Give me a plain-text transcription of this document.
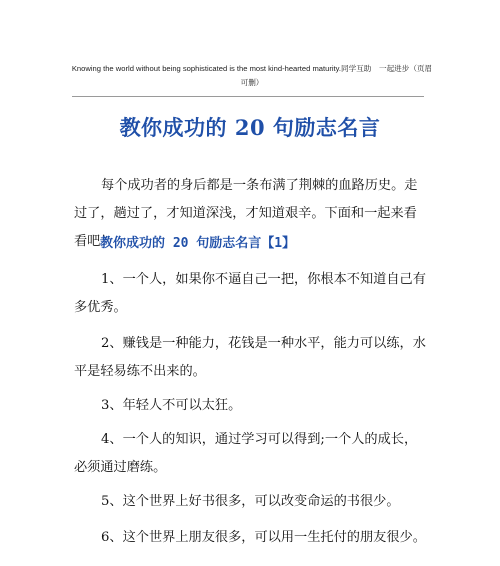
Knowing the world without being sophisticated is the most kind-hearted maturity.同学互助　一起进步（页眉可删）
教你成功的 20 句励志名言

每个成功者的身后都是一条布满了荆棘的血路历史。走过了，趟过了，才知道深浅，才知道艰辛。下面和一起来看看吧！

教你成功的 20 句励志名言【1】

1、一个人，如果你不逼自己一把，你根本不知道自己有多优秀。

2、赚钱是一种能力，花钱是一种水平，能力可以练，水平是轻易练不出来的。

3、年轻人不可以太狂。

4、一个人的知识，通过学习可以得到;一个人的成长，必须通过磨练。

5、这个世界上好书很多，可以改变命运的书很少。

6、这个世界上朋友很多，可以用一生托付的朋友很少。
